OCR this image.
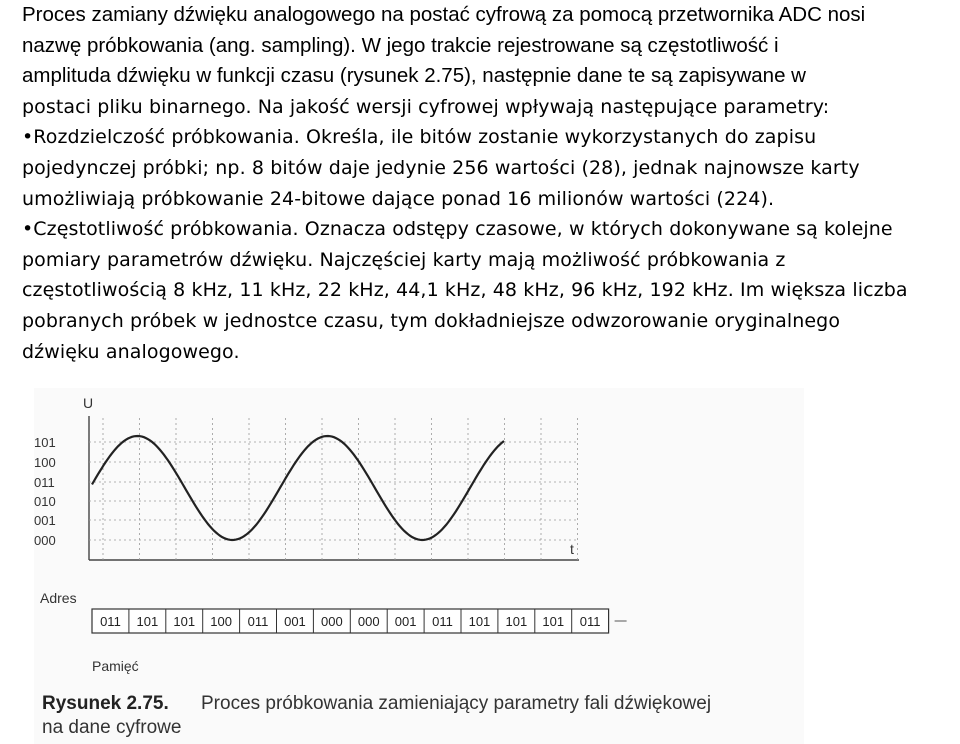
Proces zamiany dźwięku analogowego na postać cyfrową za pomocą przetwornika ADC nosi
nazwę próbkowania (ang. sampling). W jego trakcie rejestrowane są częstotliwość i
amplituda dźwięku w funkcji czasu (rysunek 2.75), następnie dane te są zapisywane w
postaci pliku binarnego. Na jakość wersji cyfrowej wpływają następujące parametry:
•Rozdzielczość próbkowania. Określa, ile bitów zostanie wykorzystanych do zapisu
pojedynczej próbki; np. 8 bitów daje jedynie 256 wartości (28), jednak najnowsze karty
umożliwiają próbkowanie 24-bitowe dające ponad 16 milionów wartości (224).
•Częstotliwość próbkowania. Oznacza odstępy czasowe, w których dokonywane są kolejne
pomiary parametrów dźwięku. Najczęściej karty mają możliwość próbkowania z
częstotliwością 8 kHz, 11 kHz, 22 kHz, 44,1 kHz, 48 kHz, 96 kHz, 192 kHz. Im większa liczba
pobranych próbek w jednostce czasu, tym dokładniejsze odwzorowanie oryginalnego
dźwięku analogowego.
U
t
101
100
011
010
001
000
Adres
011 101 101 100 011 001 000 000 001 011 101 101 101 011
Pamięć
Rysunek 2.75. Proces próbkowania zamieniający parametry fali dźwiękowej
na dane cyfrowe
